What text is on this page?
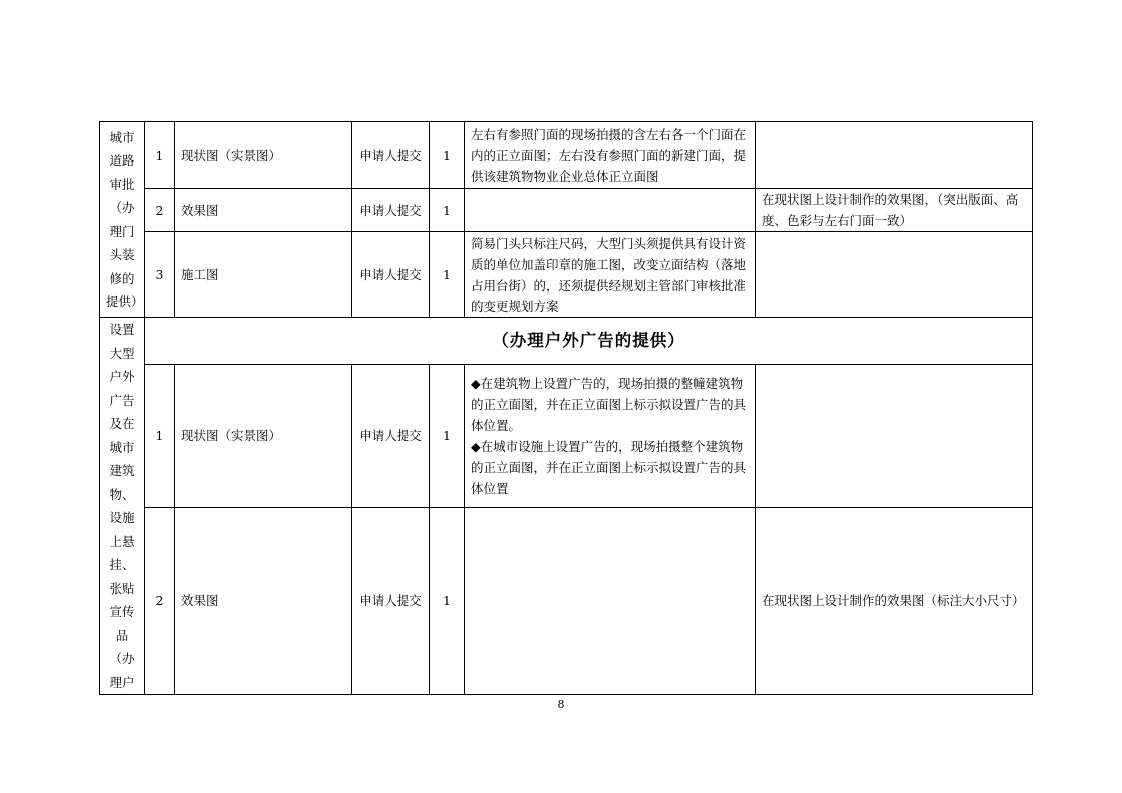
城市道路审批（办理门头装修的提供）	1	现状图（实景图）	申请人提交	1	左右有参照门面的现场拍摄的含左右各一个门面在内的正立面图；左右没有参照门面的新建门面，提供该建筑物物业企业总体正立面图	
	2	效果图	申请人提交	1		在现状图上设计制作的效果图，（突出版面、高度、色彩与左右门面一致）
	3	施工图	申请人提交	1	简易门头只标注尺码，大型门头须提供具有设计资质的单位加盖印章的施工图，改变立面结构（落地占用台街）的，还须提供经规划主管部门审核批准的变更规划方案	
设置大型户外广告及在城市建筑物、设施上悬挂、张贴宣传品（办理户	（办理户外广告的提供）					
	1	现状图（实景图）	申请人提交	1	◆在建筑物上设置广告的，现场拍摄的整幢建筑物的正立面图，并在正立面图上标示拟设置广告的具体位置。
◆在城市设施上设置广告的，现场拍摄整个建筑物的正立面图，并在正立面图上标示拟设置广告的具体位置	

	2	效果图	申请人提交	1		在现状图上设计制作的效果图（标注大小尺寸）
8
